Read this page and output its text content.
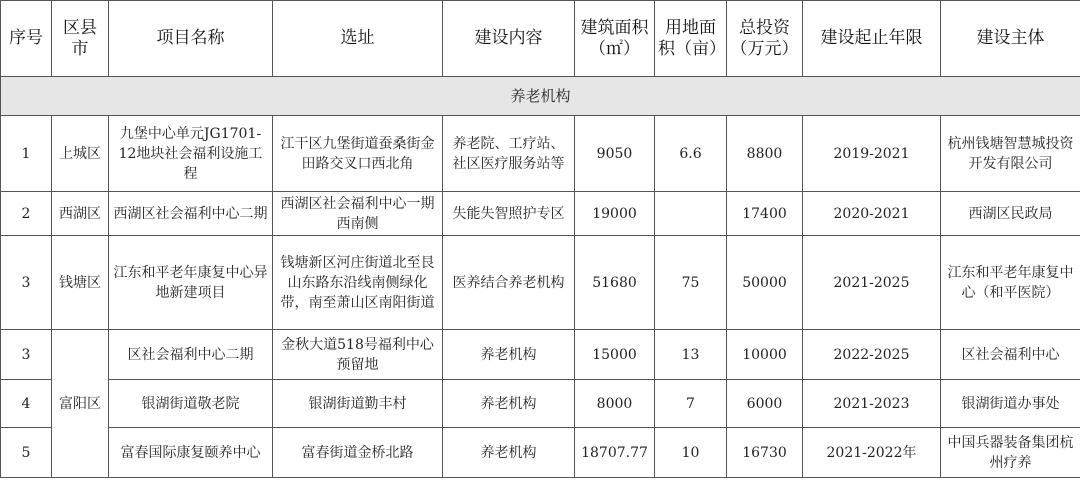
序号	区县市	项目名称	选址	建设内容	建筑面积（㎡）	用地面积（亩）	总投资（万元）	建设起止年限	建设主体
养老机构									
1	上城区	九堡中心单元JG1701-12地块社会福利设施工程	江干区九堡街道蚕桑街金田路交叉口西北角	养老院、工疗站、社区医疗服务站等	9050	6.6	8800	2019-2021	杭州钱塘智慧城投资开发有限公司
2	西湖区	西湖区社会福利中心二期	西湖区社会福利中心一期西南侧	失能失智照护专区	19000		17400	2020-2021	西湖区民政局
3	钱塘区	江东和平老年康复中心异地新建项目	钱塘新区河庄街道北至艮山东路东沿线南侧绿化带，南至萧山区南阳街道	医养结合养老机构	51680	75	50000	2021-2025	江东和平老年康复中心（和平医院）
3	富阳区	区社会福利中心二期	金秋大道518号福利中心预留地	养老机构	15000	13	10000	2022-2025	区社会福利中心
4		银湖街道敬老院	银湖街道勤丰村	养老机构	8000	7	6000	2021-2023	银湖街道办事处
5		富春国际康复颐养中心	富春街道金桥北路	养老机构	18707.77	10	16730	2021-2022年	中国兵器装备集团杭州疗养
